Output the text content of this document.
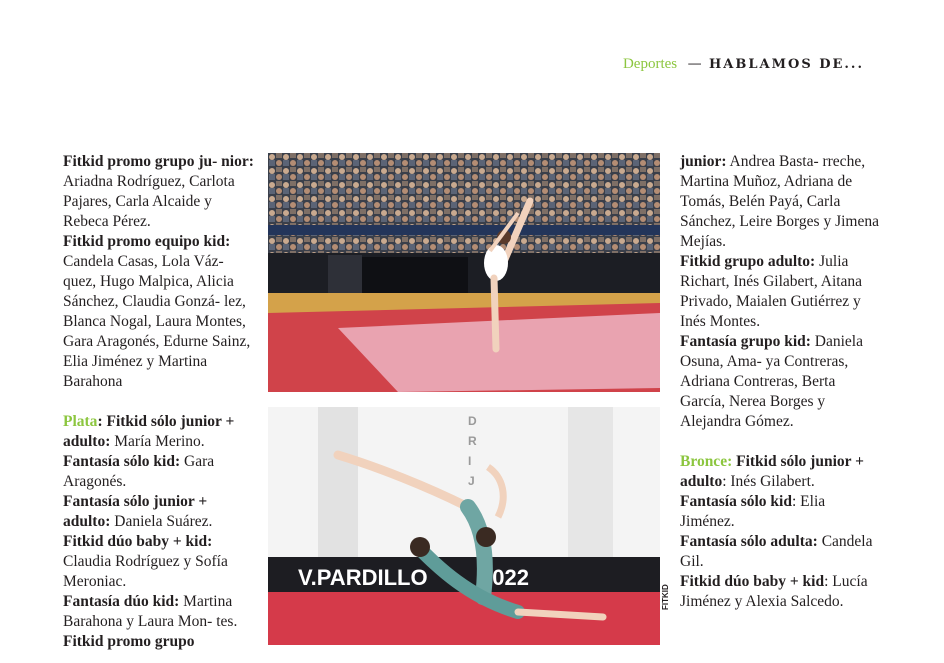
Deportes — HABLAMOS DE...

Fitkid promo grupo ju- nior: Ariadna Rodríguez, Carlota Pajares, Carla Alcaide y Rebeca Pérez.

Fitkid promo equipo kid: Candela Casas, Lola Váz- quez, Hugo Malpica, Alicia Sánchez, Claudia Gonzá- lez, Blanca Nogal, Laura Montes, Gara Aragonés, Edurne Sainz, Elia Jiménez y Martina Barahona

Plata: Fitkid sólo junior + adulto: María Merino.

Fantasía sólo kid: Gara Aragonés.

Fantasía sólo junior + adulto: Daniela Suárez.

Fitkid dúo baby + kid: Claudia Rodríguez y Sofía Meroniac.

Fantasía dúo kid: Martina Barahona y Laura Mon- tes. Fitkid promo grupo

D
R
I
J
V.PARDILLO 2022
FITKID

junior: Andrea Basta- rreche, Martina Muñoz, Adriana de Tomás, Belén Payá, Carla Sánchez, Leire Borges y Jimena Mejías.

Fitkid grupo adulto: Julia Richart, Inés Gilabert, Aitana Privado, Maialen Gutiérrez y Inés Montes.

Fantasía grupo kid: Daniela Osuna, Ama- ya Contreras, Adriana Contreras, Berta García, Nerea Borges y Alejandra Gómez.

Bronce: Fitkid sólo junior + adulto: Inés Gilabert.

Fantasía sólo kid: Elia Jiménez.

Fantasía sólo adulta: Candela Gil.

Fitkid dúo baby + kid: Lucía Jiménez y Alexia Salcedo.
